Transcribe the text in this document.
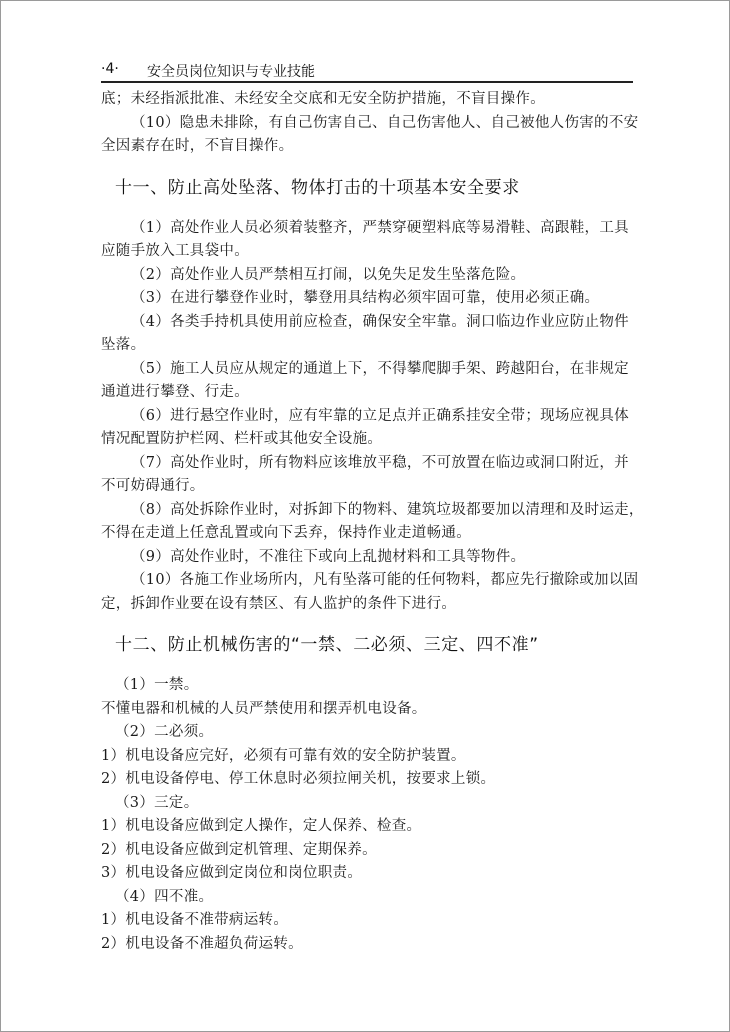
·4· 安全员岗位知识与专业技能

底；未经指派批准、未经安全交底和无安全防护措施，不盲目操作。

（10）隐患未排除，有自己伤害自己、自己伤害他人、自己被他人伤害的不安

全因素存在时，不盲目操作。

十一、防止高处坠落、物体打击的十项基本安全要求

（1）高处作业人员必须着装整齐，严禁穿硬塑料底等易滑鞋、高跟鞋，工具

应随手放入工具袋中。

（2）高处作业人员严禁相互打闹，以免失足发生坠落危险。

（3）在进行攀登作业时，攀登用具结构必须牢固可靠，使用必须正确。

（4）各类手持机具使用前应检查，确保安全牢靠。洞口临边作业应防止物件

坠落。

（5）施工人员应从规定的通道上下，不得攀爬脚手架、跨越阳台，在非规定

通道进行攀登、行走。

（6）进行悬空作业时，应有牢靠的立足点并正确系挂安全带；现场应视具体

情况配置防护栏网、栏杆或其他安全设施。

（7）高处作业时，所有物料应该堆放平稳，不可放置在临边或洞口附近，并

不可妨碍通行。

（8）高处拆除作业时，对拆卸下的物料、建筑垃圾都要加以清理和及时运走，

不得在走道上任意乱置或向下丢弃，保持作业走道畅通。

（9）高处作业时，不准往下或向上乱抛材料和工具等物件。

（10）各施工作业场所内，凡有坠落可能的任何物料，都应先行撤除或加以固

定，拆卸作业要在设有禁区、有人监护的条件下进行。

十二、防止机械伤害的“一禁、二必须、三定、四不准”

（1）一禁。

不懂电器和机械的人员严禁使用和摆弄机电设备。

（2）二必须。

1）机电设备应完好，必须有可靠有效的安全防护装置。

2）机电设备停电、停工休息时必须拉闸关机，按要求上锁。

（3）三定。

1）机电设备应做到定人操作，定人保养、检查。

2）机电设备应做到定机管理、定期保养。

3）机电设备应做到定岗位和岗位职责。

（4）四不准。

1）机电设备不准带病运转。

2）机电设备不准超负荷运转。
